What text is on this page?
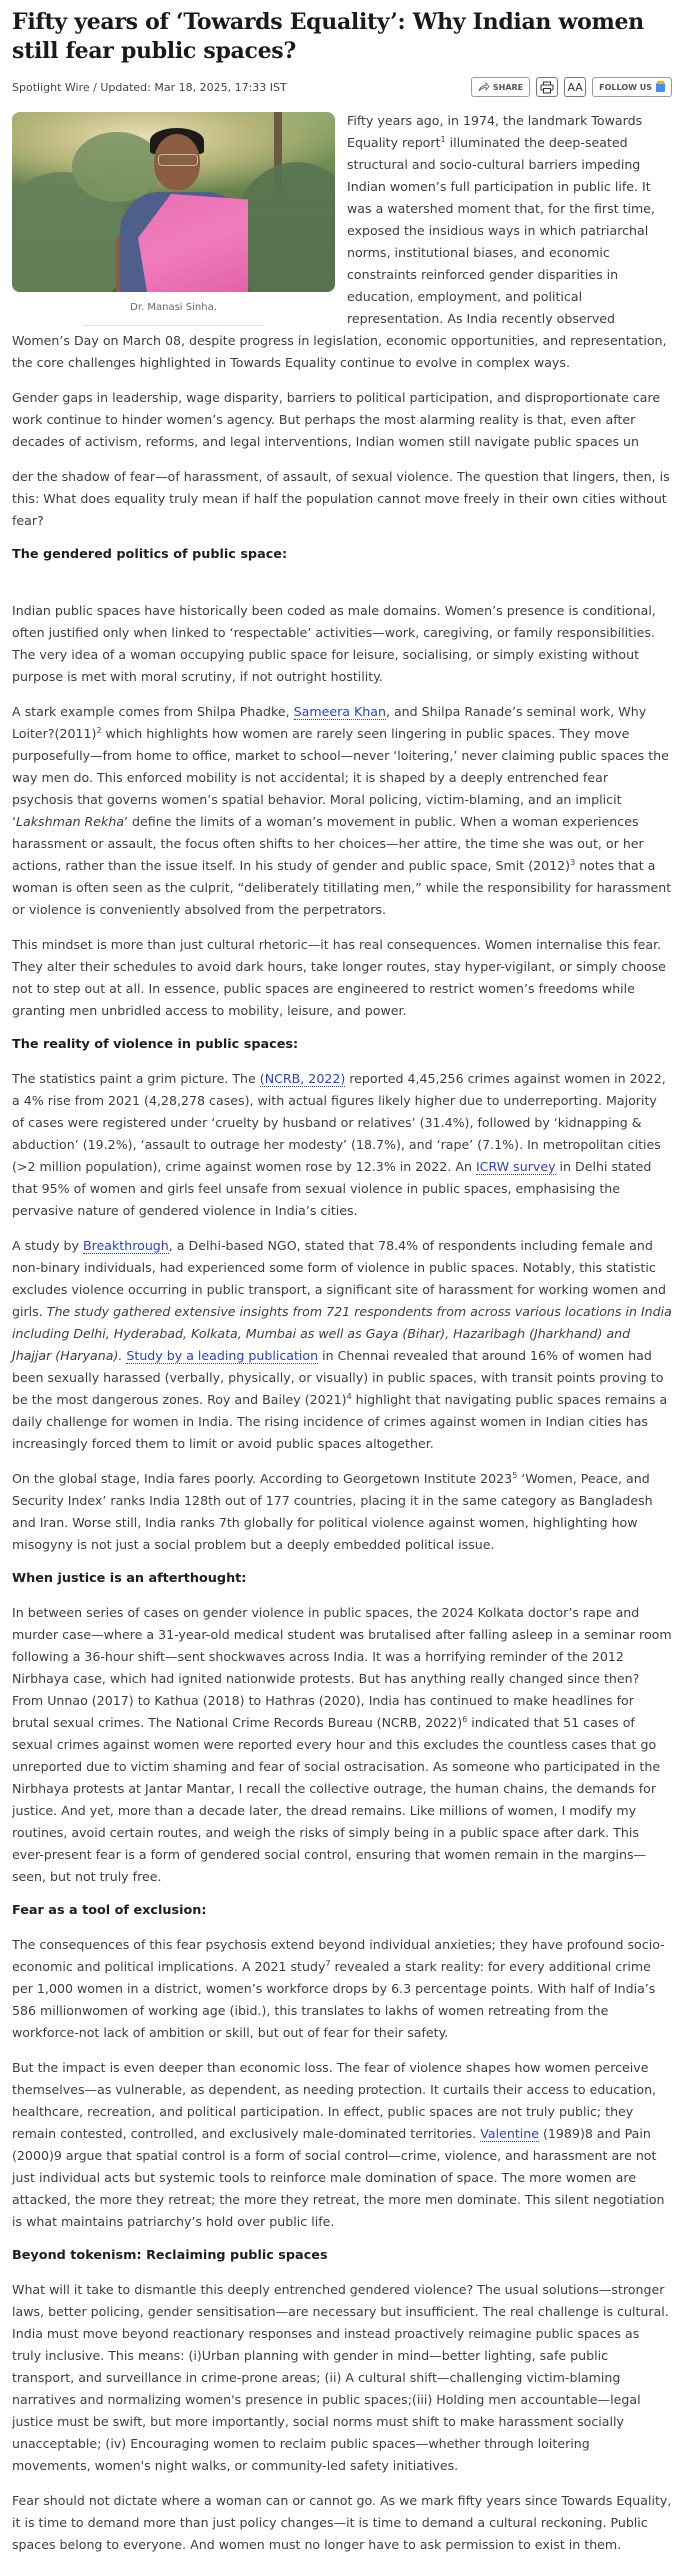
Fifty years of ‘Towards Equality’: Why Indian women still fear public spaces?
Spotlight Wire / Updated: Mar 18, 2025, 17:33 IST	SHARE	AA FOLLOW US
Dr. Manasi Sinha,

Fifty years ago, in 1974, the landmark Towards Equality report$^1$ illuminated the deep-seated structural and socio-cultural barriers impeding Indian women’s full participation in public life. It was a watershed moment that, for the first time, exposed the insidious ways in which patriarchal norms, institutional biases, and economic constraints reinforced gender disparities in education, employment, and political representation. As India recently observed Women’s Day on March 08, despite progress in legislation, economic opportunities, and representation, the core challenges highlighted in Towards Equality continue to evolve in complex ways.

Gender gaps in leadership, wage disparity, barriers to political participation, and disproportionate care work continue to hinder women’s agency. But perhaps the most alarming reality is that, even after decades of activism, reforms, and legal interventions, Indian women still navigate public spaces un

der the shadow of fear—of harassment, of assault, of sexual violence. The question that lingers, then, is this: What does equality truly mean if half the population cannot move freely in their own cities without fear?

The gendered politics of public space:

Indian public spaces have historically been coded as male domains. Women’s presence is conditional, often justified only when linked to ‘respectable’ activities—work, caregiving, or family responsibilities. The very idea of a woman occupying public space for leisure, socialising, or simply existing without purpose is met with moral scrutiny, if not outright hostility.

A stark example comes from Shilpa Phadke, Sameera Khan, and Shilpa Ranade’s seminal work, Why $Loiter?(2011)^2$ which highlights how women are rarely seen lingering in public spaces. They move purposefully—from home to office, market to school—never ‘loitering,’ never claiming public spaces the way men do. This enforced mobility is not accidental; it is shaped by a deeply entrenched fear psychosis that governs women’s spatial behavior. Moral policing, victim-blaming, and an implicit ‘Lakshman Rekha’ define the limits of a woman’s movement in public. When a woman experiences harassment or assault, the focus often shifts to her choices—her attire, the time she was out, or her actions, rather than the issue itself. In his study of gender and public space, Smit $(2012)^3$ notes that a woman is often seen as the culprit, “deliberately titillating men,” while the responsibility for harassment or violence is conveniently absolved from the perpetrators.

This mindset is more than just cultural rhetoric—it has real consequences. Women internalise this fear. They alter their schedules to avoid dark hours, take longer routes, stay hyper-vigilant, or simply choose not to step out at all. In essence, public spaces are engineered to restrict women’s freedoms while granting men unbridled access to mobility, leisure, and power.

The reality of violence in public spaces:

The statistics paint a grim picture. The (NCRB, 2022) reported 4,45,256 crimes against women in 2022, a 4% rise from 2021 (4,28,278 cases), with actual figures likely higher due to underreporting. Majority of cases were registered under ‘cruelty by husband or relatives’ (31.4%), followed by ‘kidnapping & abduction’ (19.2%), ‘assault to outrage her modesty’ (18.7%), and ‘rape’ (7.1%). In metropolitan cities (>2 million population), crime against women rose by 12.3% in 2022. An ICRW survey in Delhi stated that 95% of women and girls feel unsafe from sexual violence in public spaces, emphasising the pervasive nature of gendered violence in India’s cities.

A study by Breakthrough, a Delhi-based NGO, stated that 78.4% of respondents including female and non-binary individuals, had experienced some form of violence in public spaces. Notably, this statistic excludes violence occurring in public transport, a significant site of harassment for working women and girls. The study gathered extensive insights from 721 respondents from across various locations in India including Delhi, Hyderabad, Kolkata, Mumbai as well as Gaya (Bihar), Hazaribagh (Jharkhand) and Jhajjar (Haryana). Study by a leading publication in Chennai revealed that around 16% of women had been sexually harassed (verbally, physically, or visually) in public spaces, with transit points proving to be the most dangerous zones. Roy and Bailey $(2021)^4$ highlight that navigating public spaces remains a daily challenge for women in India. The rising incidence of crimes against women in Indian cities has increasingly forced them to limit or avoid public spaces altogether.

On the global stage, India fares poorly. According to Georgetown Institute 2023$^5$ ‘Women, Peace, and Security Index’ ranks India 128th out of 177 countries, placing it in the same category as Bangladesh and Iran. Worse still, India ranks 7th globally for political violence against women, highlighting how misogyny is not just a social problem but a deeply embedded political issue.

When justice is an afterthought:

In between series of cases on gender violence in public spaces, the 2024 Kolkata doctor’s rape and murder case—where a 31-year-old medical student was brutalised after falling asleep in a seminar room following a 36-hour shift—sent shockwaves across India. It was a horrifying reminder of the 2012 Nirbhaya case, which had ignited nationwide protests. But has anything really changed since then? From Unnao (2017) to Kathua (2018) to Hathras (2020), India has continued to make headlines for brutal sexual crimes. The National Crime Records Bureau (NCRB, 2022)$^6$ indicated that 51 cases of sexual crimes against women were reported every hour and this excludes the countless cases that go unreported due to victim shaming and fear of social ostracisation. As someone who participated in the Nirbhaya protests at Jantar Mantar, I recall the collective outrage, the human chains, the demands for justice. And yet, more than a decade later, the dread remains. Like millions of women, I modify my routines, avoid certain routes, and weigh the risks of simply being in a public space after dark. This ever-present fear is a form of gendered social control, ensuring that women remain in the margins—seen, but not truly free.

Fear as a tool of exclusion:

The consequences of this fear psychosis extend beyond individual anxieties; they have profound socio-economic and political implications. A 2021 study$^7$ revealed a stark reality: for every additional crime per 1,000 women in a district, women’s workforce drops by 6.3 percentage points. With half of India’s 586 millionwomen of working age (ibid.), this translates to lakhs of women retreating from the workforce-not lack of ambition or skill, but out of fear for their safety.

But the impact is even deeper than economic loss. The fear of violence shapes how women perceive themselves—as vulnerable, as dependent, as needing protection. It curtails their access to education, healthcare, recreation, and political participation. In effect, public spaces are not truly public; they remain contested, controlled, and exclusively male-dominated territories. Valentine (1989)8 and Pain (2000)9 argue that spatial control is a form of social control—crime, violence, and harassment are not just individual acts but systemic tools to reinforce male domination of space. The more women are attacked, the more they retreat; the more they retreat, the more men dominate. This silent negotiation is what maintains patriarchy’s hold over public life.

Beyond tokenism: Reclaiming public spaces

What will it take to dismantle this deeply entrenched gendered violence? The usual solutions—stronger laws, better policing, gender sensitisation—are necessary but insufficient. The real challenge is cultural. India must move beyond reactionary responses and instead proactively reimagine public spaces as truly inclusive. This means: (i)Urban planning with gender in mind—better lighting, safe public transport, and surveillance in crime-prone areas; (ii) A cultural shift—challenging victim-blaming narratives and normalizing women's presence in public spaces;(iii) Holding men accountable—legal justice must be swift, but more importantly, social norms must shift to make harassment socially unacceptable; (iv) Encouraging women to reclaim public spaces—whether through loitering movements, women's night walks, or community-led safety initiatives.

Fear should not dictate where a woman can or cannot go. As we mark fifty years since Towards Equality, it is time to demand more than just policy changes—it is time to demand a cultural reckoning. Public spaces belong to everyone. And women must no longer have to ask permission to exist in them.
